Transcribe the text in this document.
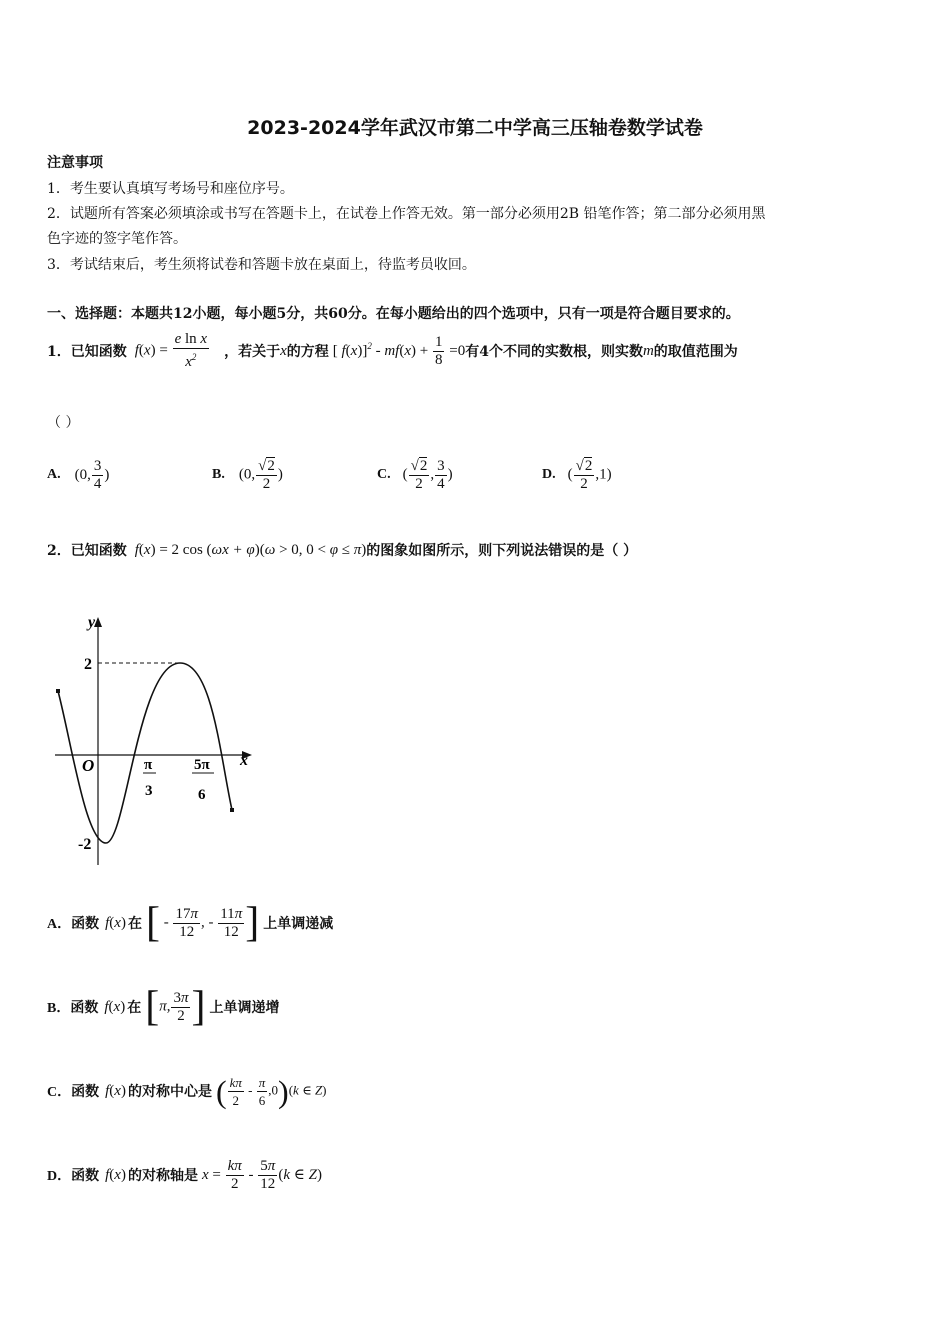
2023-2024学年武汉市第二中学高三压轴卷数学试卷
注意事项
1．考生要认真填写考场号和座位序号。
2．试题所有答案必须填涂或书写在答题卡上，在试卷上作答无效。第一部分必须用2B 铅笔作答；第二部分必须用黑
色字迹的签字笔作答。
3．考试结束后，考生须将试卷和答题卡放在桌面上，待监考员收回。
一、选择题：本题共12小题，每小题5分，共60分。在每小题给出的四个选项中，只有一项是符合题目要求的。
1．已知函数 $f(x) = \frac{\text{e ln x}}{x^2}$ ，若关于 x 的方程 [ $f(x)]^2 - mf(x) + \frac{1}{8} =0$ 有4个不同的实数根，则实数 m 的取值范围为
（ ）
A. (0, $\frac{3}{4}$ )	B. (0, $\frac{√2}{2}$ )	C. ( $\frac{√2}{2}$ , $\frac{3}{4}$ )	D. ( $\frac{√2}{2} ,1$)
2．已知函数 f(x) = 2 cos (ωx + φ)(ω > 0, 0 < φ ≤ π) 的图象如图所示，则下列说法错误的是（ ）
y
x
O
2
-2
π
3
5π
6
A． 函数 f(x) 在 [ - $\frac{17\pi}{12}$ , - $\frac{11\pi}{12}$ ] 上单调递减
B． 函数 f(x) 在 [π, $\frac{3\pi}{2}$ ] 上单调递增
C． 函数 f(x) 的对称中心是 ( $\frac{k\pi}{2} - \frac{\pi}{6} ,0)(k$ ∈ Z)
D． 函数 f(x) 的对称轴是 $x = \frac{k\pi}{2} - \frac{5\pi}{12} (k$ ∈ Z)
